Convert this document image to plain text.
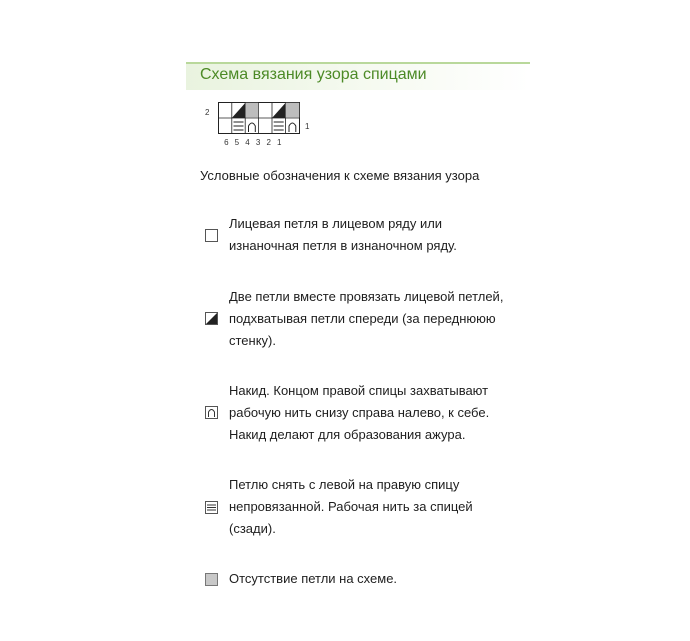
Схема вязания узора спицами
2
1
6 5 4 3 2 1
Условные обозначения к схеме вязания узора
Лицевая петля в лицевом ряду или
изнаночная петля в изнаночном ряду.
Две петли вместе провязать лицевой петлей,
подхватывая петли спереди (за переднююю
стенку).
Накид. Концом правой спицы захватывают
рабочую нить снизу справа налево, к себе.
Накид делают для образования ажура.
Петлю снять с левой на правую спицу
непровязанной. Рабочая нить за спицей
(сзади).
Отсутствие петли на схеме.
